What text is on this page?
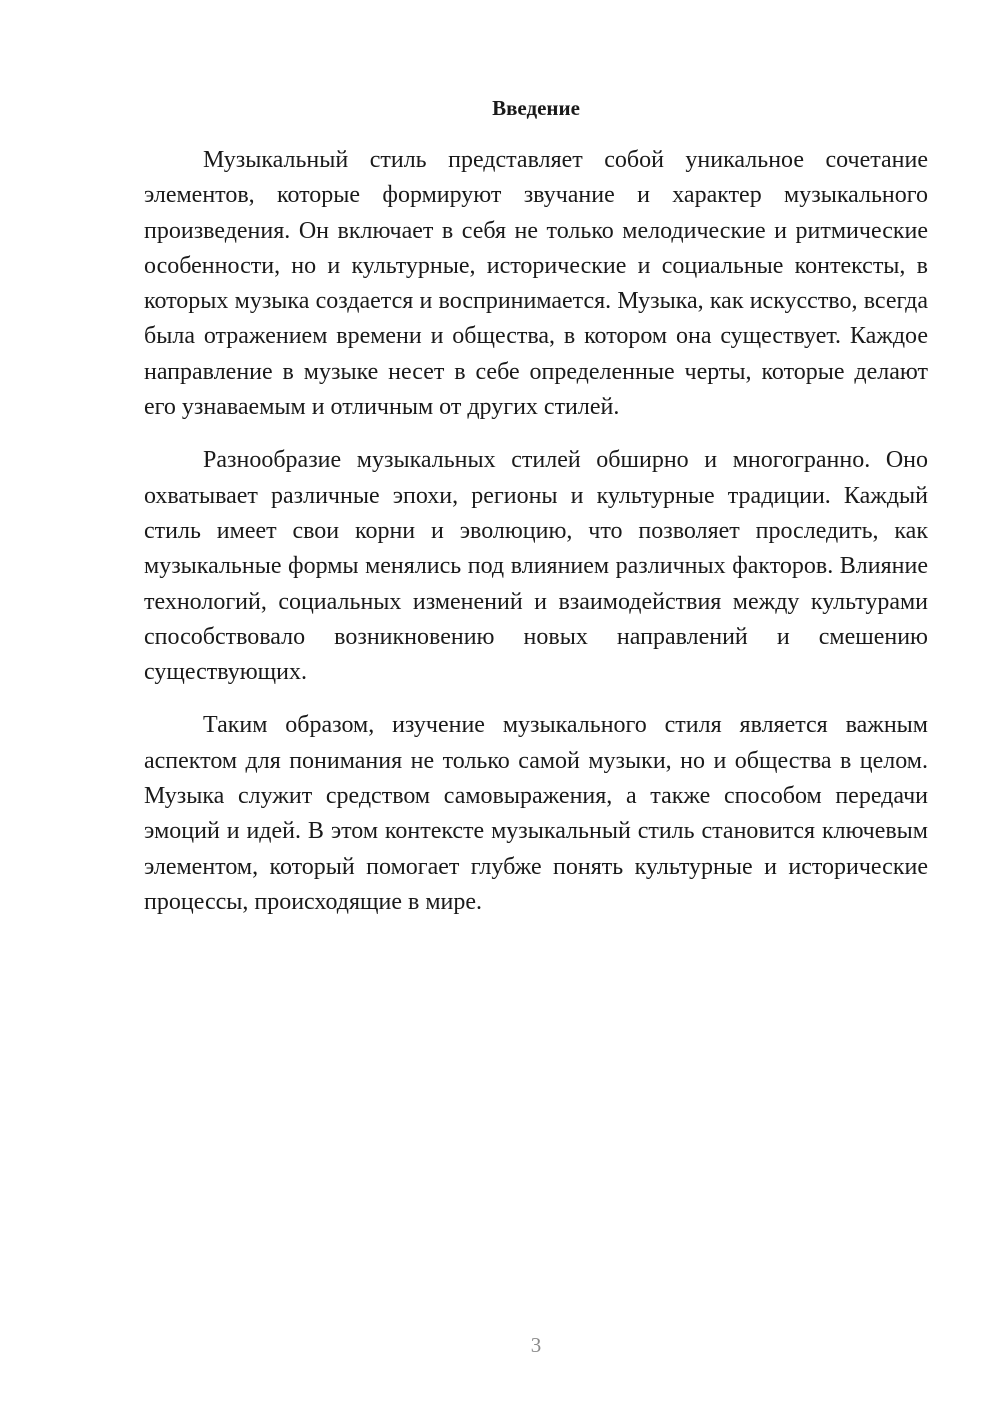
Введение

Музыкальный стиль представляет собой уникальное сочетание элементов, которые формируют звучание и характер музыкального произведения. Он включает в себя не только мелодические и ритмические особенности, но и культурные, исторические и социальные контексты, в которых музыка создается и воспринимается. Музыка, как искусство, всегда была отражением времени и общества, в котором она существует. Каждое направление в музыке несет в себе определенные черты, которые делают его узнаваемым и отличным от других стилей.

Разнообразие музыкальных стилей обширно и многогранно. Оно охватывает различные эпохи, регионы и культурные традиции. Каждый стиль имеет свои корни и эволюцию, что позволяет проследить, как музыкальные формы менялись под влиянием различных факторов. Влияние технологий, социальных изменений и взаимодействия между культурами способствовало возникновению новых направлений и смешению существующих.

Таким образом, изучение музыкального стиля является важным аспектом для понимания не только самой музыки, но и общества в целом. Музыка служит средством самовыражения, а также способом передачи эмоций и идей. В этом контексте музыкальный стиль становится ключевым элементом, который помогает глубже понять культурные и исторические процессы, происходящие в мире.

3
